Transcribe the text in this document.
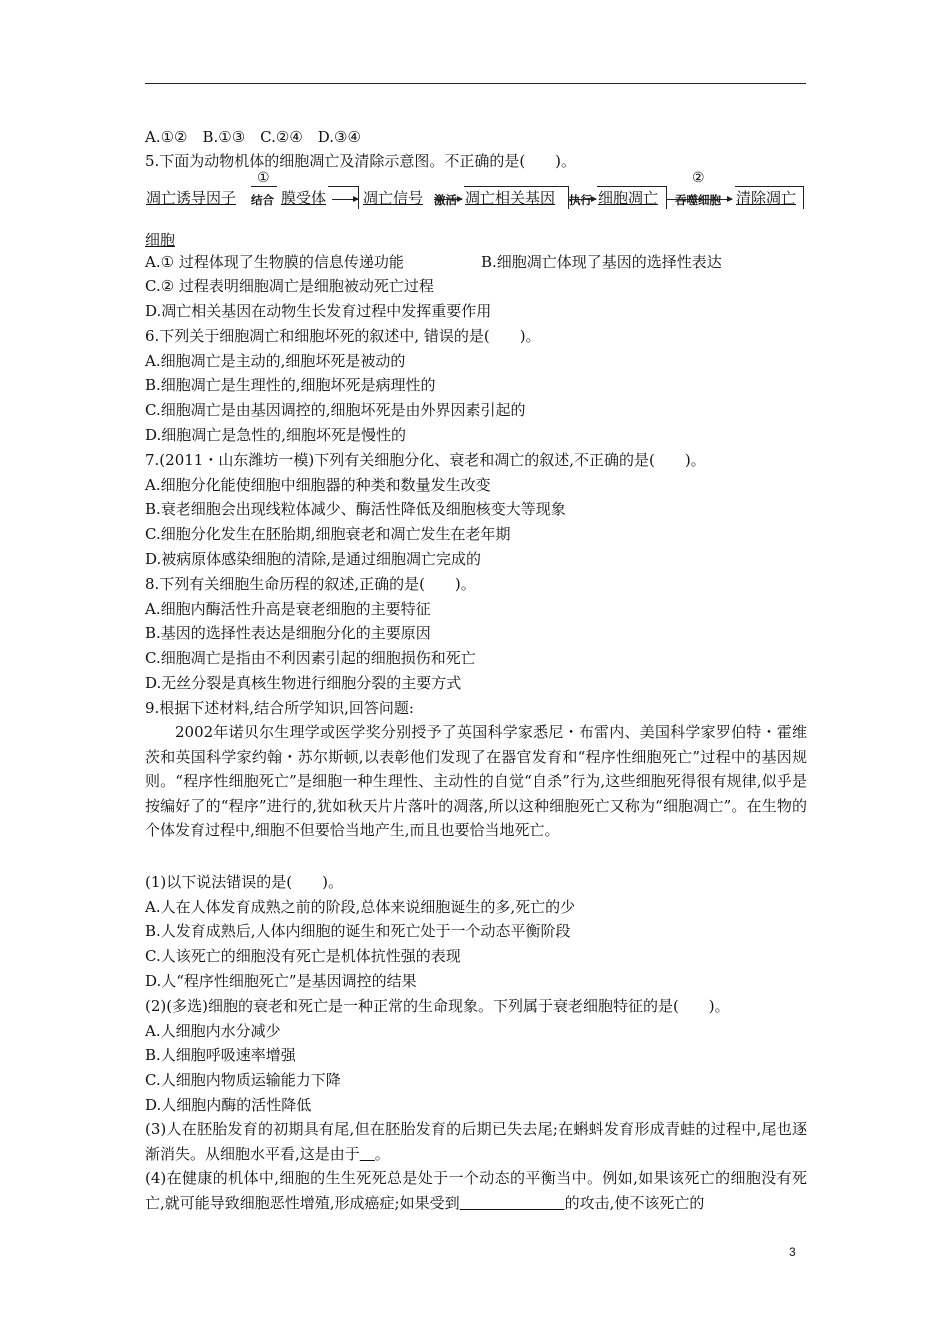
A.①②　B.①③　C.②④　D.③④
5.下面为动物机体的细胞凋亡及清除示意图。不正确的是(　　)。
凋亡诱导因子 结合
①
膜受体 凋亡信号 激活 凋亡相关基因 执行 细胞凋亡
②
吞噬细胞 清除凋亡
细胞
A.① 过程体现了生物膜的信息传递功能	B.细胞凋亡体现了基因的选择性表达
C.② 过程表明细胞凋亡是细胞被动死亡过程
D.凋亡相关基因在动物生长发育过程中发挥重要作用
6.下列关于细胞凋亡和细胞坏死的叙述中, 错误的是(　　)。
A.细胞凋亡是主动的,细胞坏死是被动的
B.细胞凋亡是生理性的,细胞坏死是病理性的
C.细胞凋亡是由基因调控的,细胞坏死是由外界因素引起的
D.细胞凋亡是急性的,细胞坏死是慢性的
7.(2011・山东潍坊一模)下列有关细胞分化、衰老和凋亡的叙述,不正确的是(　　)。
A.细胞分化能使细胞中细胞器的种类和数量发生改变
B.衰老细胞会出现线粒体减少、酶活性降低及细胞核变大等现象
C.细胞分化发生在胚胎期,细胞衰老和凋亡发生在老年期
D.被病原体感染细胞的清除,是通过细胞凋亡完成的
8.下列有关细胞生命历程的叙述,正确的是(　　)。
A.细胞内酶活性升高是衰老细胞的主要特征
B.基因的选择性表达是细胞分化的主要原因
C.细胞凋亡是指由不利因素引起的细胞损伤和死亡
D.无丝分裂是真核生物进行细胞分裂的主要方式
9.根据下述材料,结合所学知识,回答问题:
2002年诺贝尔生理学或医学奖分别授予了英国科学家悉尼・布雷内、美国科学家罗伯特・霍维茨和英国科学家约翰・苏尔斯顿,以表彰他们发现了在器官发育和“程序性细胞死亡”过程中的基因规则。“程序性细胞死亡”是细胞一种生理性、主动性的自觉“自杀”行为,这些细胞死得很有规律,似乎是按编好了的“程序”进行的,犹如秋天片片落叶的凋落,所以这种细胞死亡又称为“细胞凋亡”。在生物的个体发育过程中,细胞不但要恰当地产生,而且也要恰当地死亡。
(1)以下说法错误的是(　　)。
A.人在人体发育成熟之前的阶段,总体来说细胞诞生的多,死亡的少
B.人发育成熟后,人体内细胞的诞生和死亡处于一个动态平衡阶段
C.人该死亡的细胞没有死亡是机体抗性强的表现
D.人“程序性细胞死亡”是基因调控的结果
(2)(多选)细胞的衰老和死亡是一种正常的生命现象。下列属于衰老细胞特征的是(　　)。
A.人细胞内水分减少
B.人细胞呼吸速率增强
C.人细胞内物质运输能力下降
D.人细胞内酶的活性降低
(3)人在胚胎发育的初期具有尾,但在胚胎发育的后期已失去尾;在蝌蚪发育形成青蛙的过程中,尾也逐渐消失。从细胞水平看,这是由于　 。
(4)在健康的机体中,细胞的生生死死总是处于一个动态的平衡当中。例如,如果该死亡的细胞没有死亡,就可能导致细胞恶性增殖,形成癌症;如果受到　　　　　　　	的攻击,使不该死亡的
3
